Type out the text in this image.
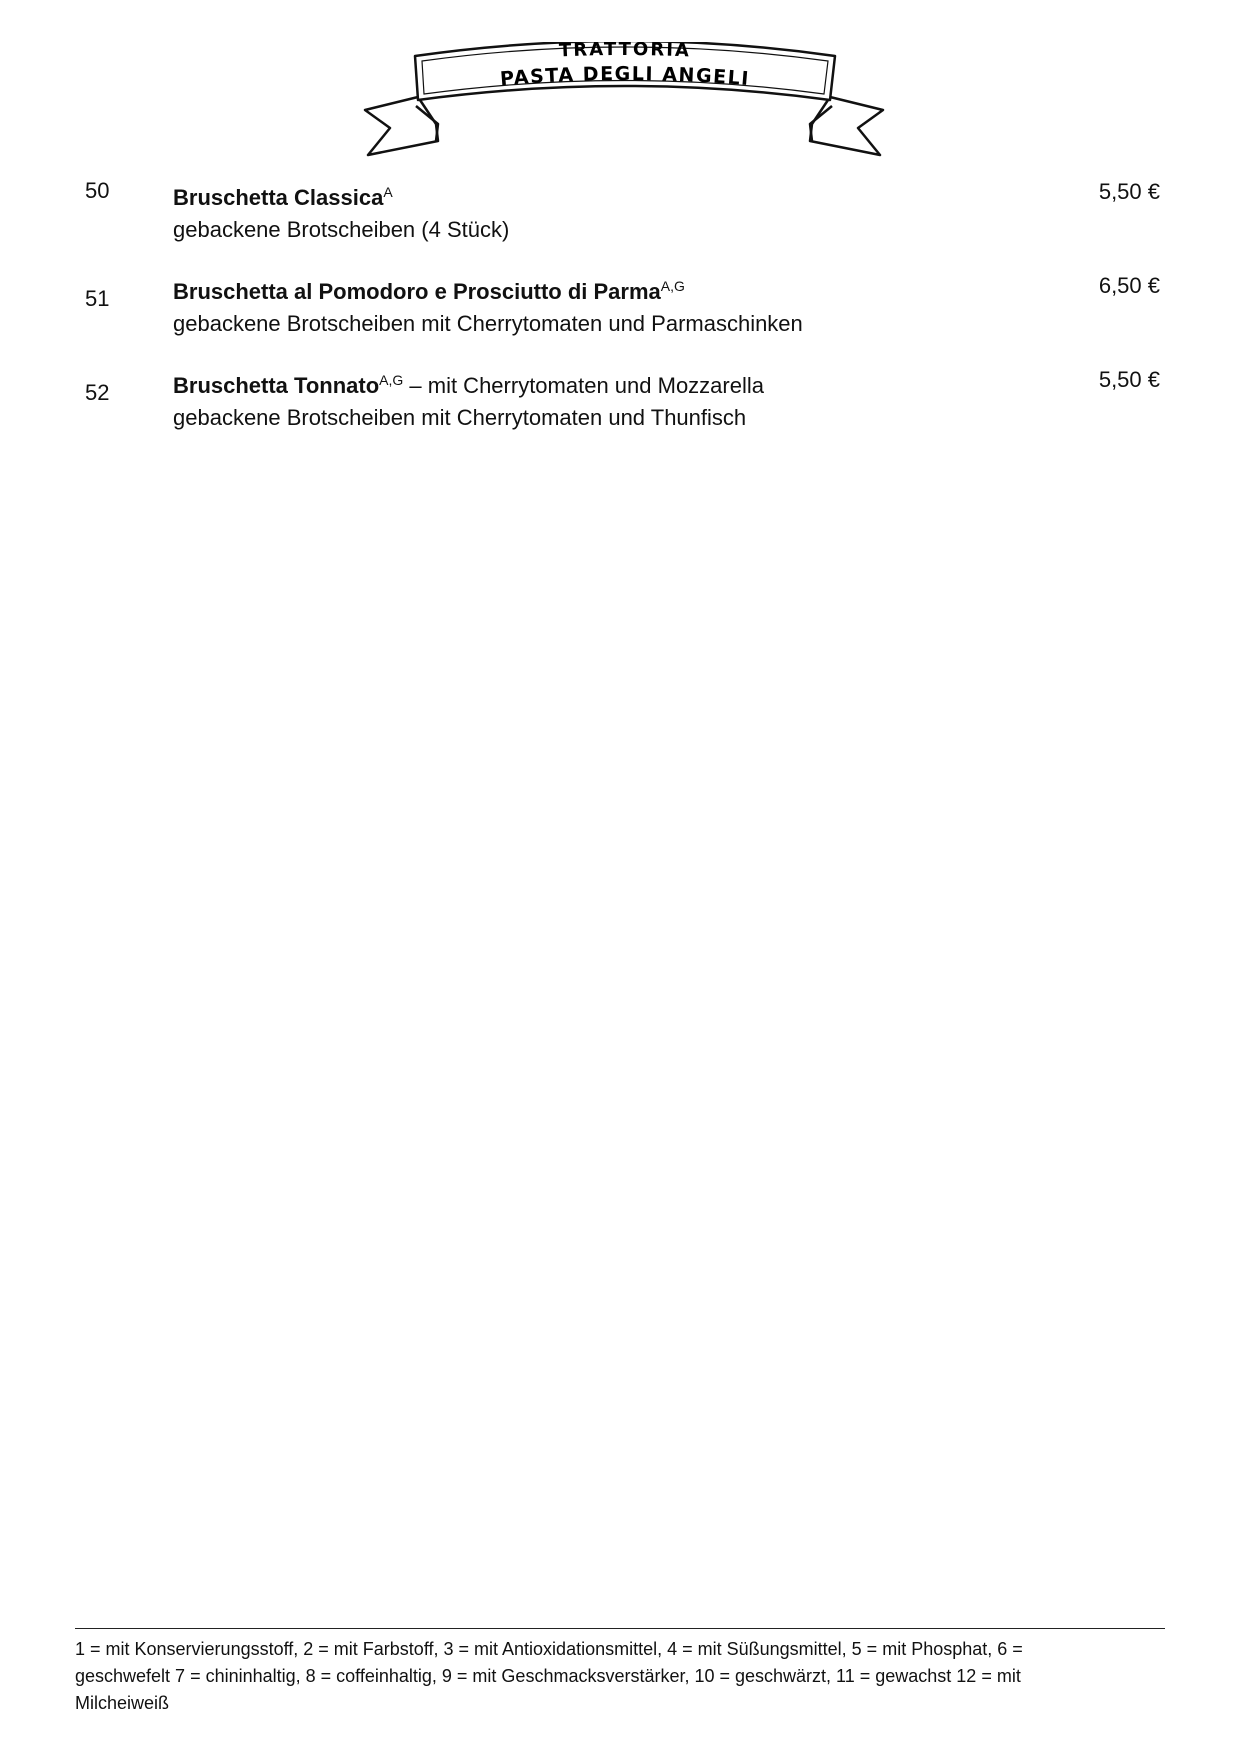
TRATTORIA
PASTA DEGLI ANGELI
50	Bruschetta Classica$^A$
gebackene Brotscheiben (4 Stück)
5,50 €
51	Bruschetta al Pomodoro e Prosciutto di Parma$^{A,G}$
gebackene Brotscheiben mit Cherrytomaten und Parmaschinken
6,50 €
52	Bruschetta Tonnato$^{A,G}$ – mit Cherrytomaten und Mozzarella
gebackene Brotscheiben mit Cherrytomaten und Thunfisch
5,50 €
1 = mit Konservierungsstoff, 2 = mit Farbstoff, 3 = mit Antioxidationsmittel, 4 = mit Süßungsmittel, 5 = mit Phosphat, 6 = geschwefelt 7 = chininhaltig, 8 = coffeinhaltig, 9 = mit Geschmacksverstärker, 10 = geschwärzt, 11 = gewachst 12 = mit Milcheiweiß
